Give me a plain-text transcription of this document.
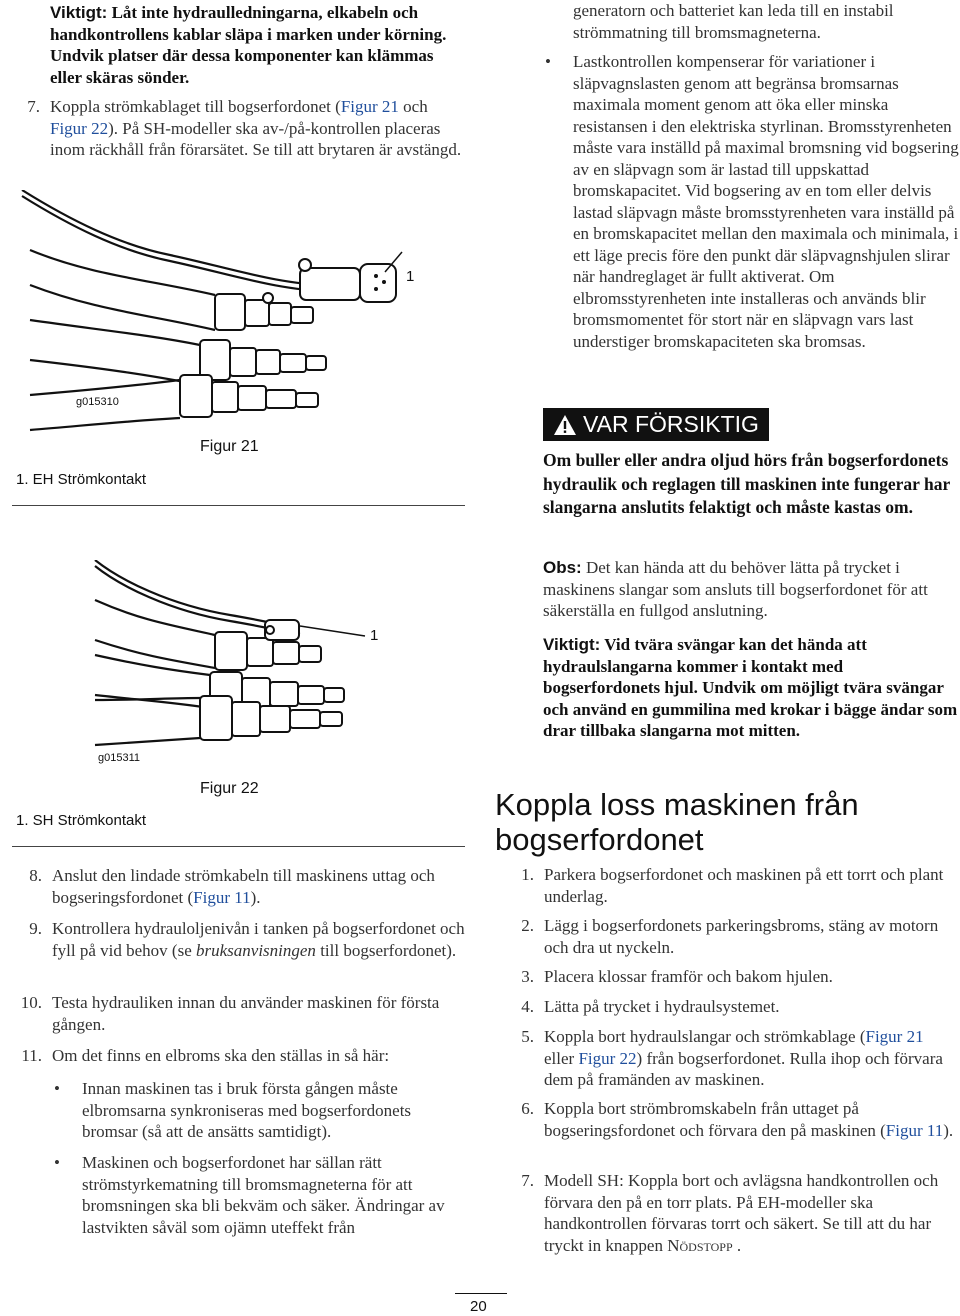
Viktigt: Låt inte hydraulledningarna, elkabeln och handkontrollens kablar släpa i marken under körning. Undvik platser där dessa komponenter kan klämmas eller skäras sönder.
7. Koppla strömkablaget till bogserfordonet (Figur 21 och Figur 22). På SH-modeller ska av-/på-kontrollen placeras inom räckhåll från förarsätet. Se till att brytaren är avstängd.
1
g015310
Figur 21
1. EH Strömkontakt
1
g015311
Figur 22
1. SH Strömkontakt
8. Anslut den lindade strömkabeln till maskinens uttag och bogseringsfordonet (Figur 11).
9. Kontrollera hydrauloljenivån i tanken på bogserfordonet och fyll på vid behov (se bruksanvisningen till bogserfordonet).
10. Testa hydrauliken innan du använder maskinen för första gången.
11. Om det finns en elbroms ska den ställas in så här:
• Innan maskinen tas i bruk första gången måste elbromsarna synkroniseras med bogserfordonets bromsar (så att de ansätts samtidigt).
• Maskinen och bogserfordonet har sällan rätt strömstyrkematning till bromsmagneterna för att bromsningen ska bli bekväm och säker. Ändringar av lastvikten såväl som ojämn uteffekt från
generatorn och batteriet kan leda till en instabil strömmatning till bromsmagneterna.
• Lastkontrollen kompenserar för variationer i släpvagnslasten genom att begränsa bromsarnas maximala moment genom att öka eller minska resistansen i den elektriska styrlinan. Bromsstyrenheten måste vara inställd på maximal bromsning vid bogsering av en släpvagn som är lastad till uppskattad bromskapacitet. Vid bogsering av en tom eller delvis lastad släpvagn måste bromsstyrenheten vara inställd på en bromskapacitet mellan den maximala och minimala, i ett läge precis före den punkt där släpvagnshjulen slirar när handreglaget är fullt aktiverat. Om elbromsstyrenheten inte installeras och används blir bromsmomentet för stort när en släpvagn vars last understiger bromskapaciteten ska bromsas.
VAR FÖRSIKTIG
Om buller eller andra oljud hörs från bogserfordonets hydraulik och reglagen till maskinen inte fungerar har slangarna anslutits felaktigt och måste kastas om.
Obs: Det kan hända att du behöver lätta på trycket i maskinens slangar som ansluts till bogserfordonet för att säkerställa en fullgod anslutning.
Viktigt: Vid tvära svängar kan det hända att hydraulslangarna kommer i kontakt med bogserfordonets hjul. Undvik om möjligt tvära svängar och använd en gummilina med krokar i bägge ändar som drar tillbaka slangarna mot mitten.
Koppla loss maskinen från bogserfordonet
1. Parkera bogserfordonet och maskinen på ett torrt och plant underlag.
2. Lägg i bogserfordonets parkeringsbroms, stäng av motorn och dra ut nyckeln.
3. Placera klossar framför och bakom hjulen.
4. Lätta på trycket i hydraulsystemet.
5. Koppla bort hydraulslangar och strömkablage (Figur 21 eller Figur 22) från bogserfordonet. Rulla ihop och förvara dem på framänden av maskinen.
6. Koppla bort strömbromskabeln från uttaget på bogseringsfordonet och förvara den på maskinen (Figur 11).
7. Modell SH: Koppla bort och avlägsna handkontrollen och förvara den på en torr plats. På EH-modeller ska handkontrollen förvaras torrt och säkert. Se till att du har tryckt in knappen Nödstopp .
20
